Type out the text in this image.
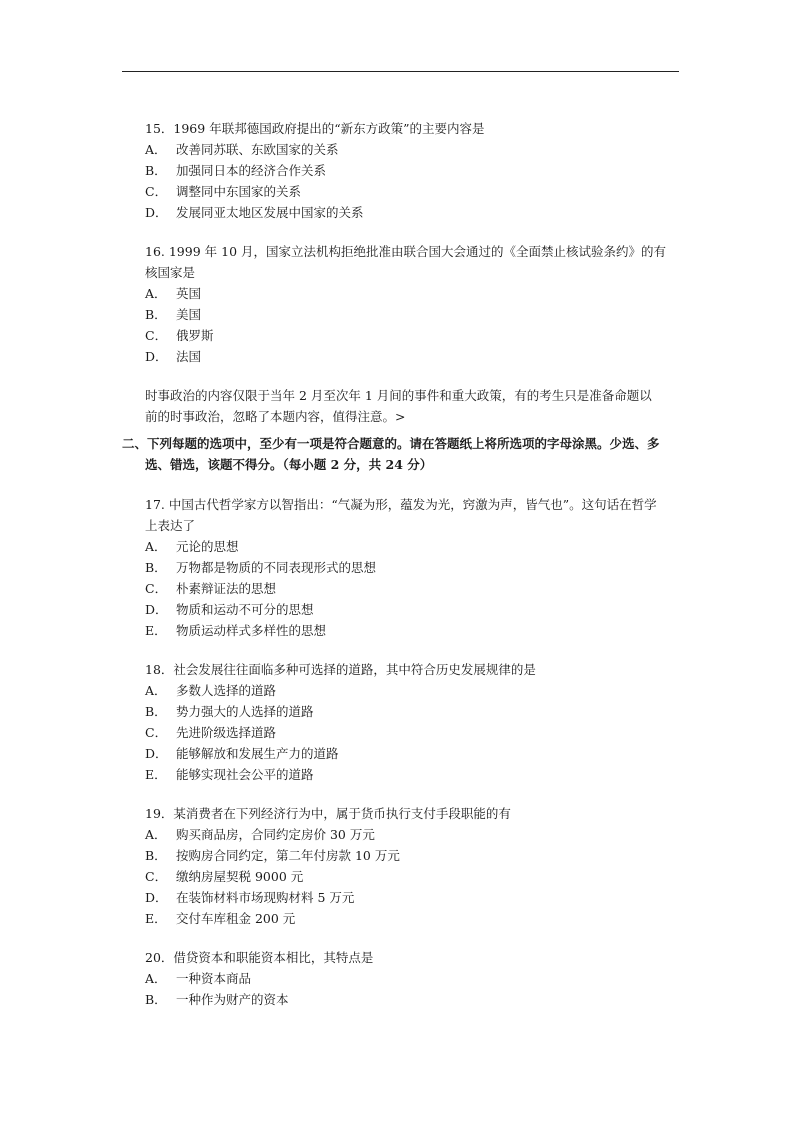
15．1969 年联邦德国政府提出的“新东方政策”的主要内容是
A． 改善同苏联、东欧国家的关系
B． 加强同日本的经济合作关系
C． 调整同中东国家的关系
D． 发展同亚太地区发展中国家的关系
16. 1999 年 10 月，国家立法机构拒绝批准由联合国大会通过的《全面禁止核试验条约》的有
核国家是
A． 英国
B． 美国
C． 俄罗斯
D． 法国
时事政治的内容仅限于当年 2 月至次年 1 月间的事件和重大政策，有的考生只是准备命题以
前的时事政治，忽略了本题内容，值得注意。>
二、下列每题的选项中，至少有一项是符合题意的。请在答题纸上将所选项的字母涂黑。少选、多
选、错选，该题不得分。（每小题 2 分，共 24 分）
17. 中国古代哲学家方以智指出：“气凝为形，蕴发为光，窍激为声，皆气也”。这句话在哲学
上表达了
A． 元论的思想
B． 万物都是物质的不同表现形式的思想
C． 朴素辩证法的思想
D． 物质和运动不可分的思想
E． 物质运动样式多样性的思想
18．社会发展往往面临多种可选择的道路，其中符合历史发展规律的是
A． 多数人选择的道路
B． 势力强大的人选择的道路
C． 先进阶级选择道路
D． 能够解放和发展生产力的道路
E． 能够实现社会公平的道路
19．某消费者在下列经济行为中，属于货币执行支付手段职能的有
A． 购买商品房，合同约定房价 30 万元
B． 按购房合同约定，第二年付房款 10 万元
C． 缴纳房屋契税 9000 元
D． 在装饰材料市场现购材料 5 万元
E． 交付车库租金 200 元
20．借贷资本和职能资本相比，其特点是
A． 一种资本商品
B． 一种作为财产的资本
